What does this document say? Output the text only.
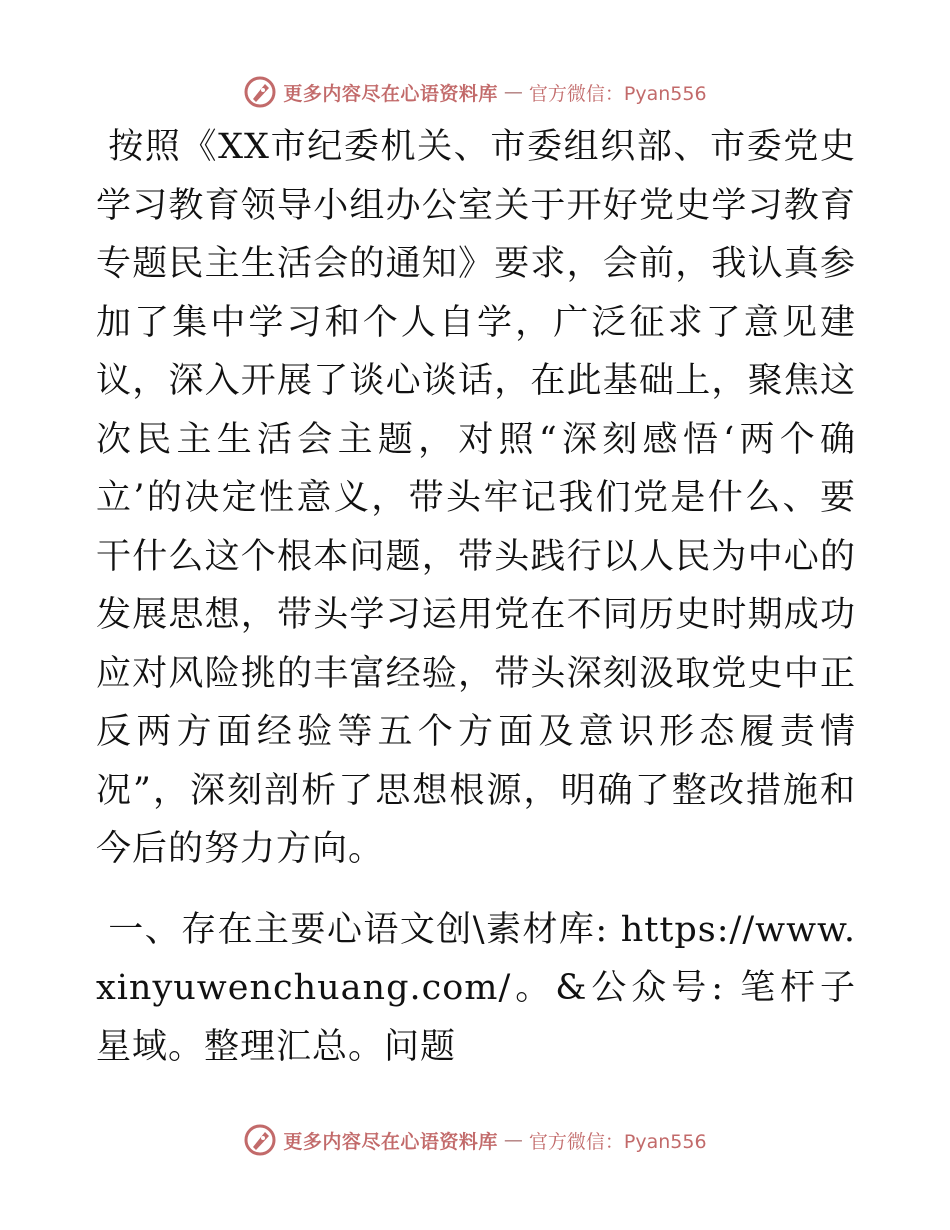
更多内容尽在心语资料库 — 官方微信：Pyan556

按照《XX市纪委机关、市委组织部、市委党史学习教育领导小组办公室关于开好党史学习教育专题民主生活会的通知》要求，会前，我认真参加了集中学习和个人自学，广泛征求了意见建议，深入开展了谈心谈话，在此基础上，聚焦这次民主生活会主题，对照“深刻感悟‘两个确立’的决定性意义，带头牢记我们党是什么、要干什么这个根本问题，带头践行以人民为中心的发展思想，带头学习运用党在不同历史时期成功应对风险挑的丰富经验，带头深刻汲取党史中正反两方面经验等五个方面及意识形态履责情况”，深刻剖析了思想根源，明确了整改措施和今后的努力方向。

一、存在主要心语文创\素材库: https://www.xinyuwenchuang.com/。&公众号: 笔杆子星域。整理汇总。问题

更多内容尽在心语资料库 — 官方微信：Pyan556
